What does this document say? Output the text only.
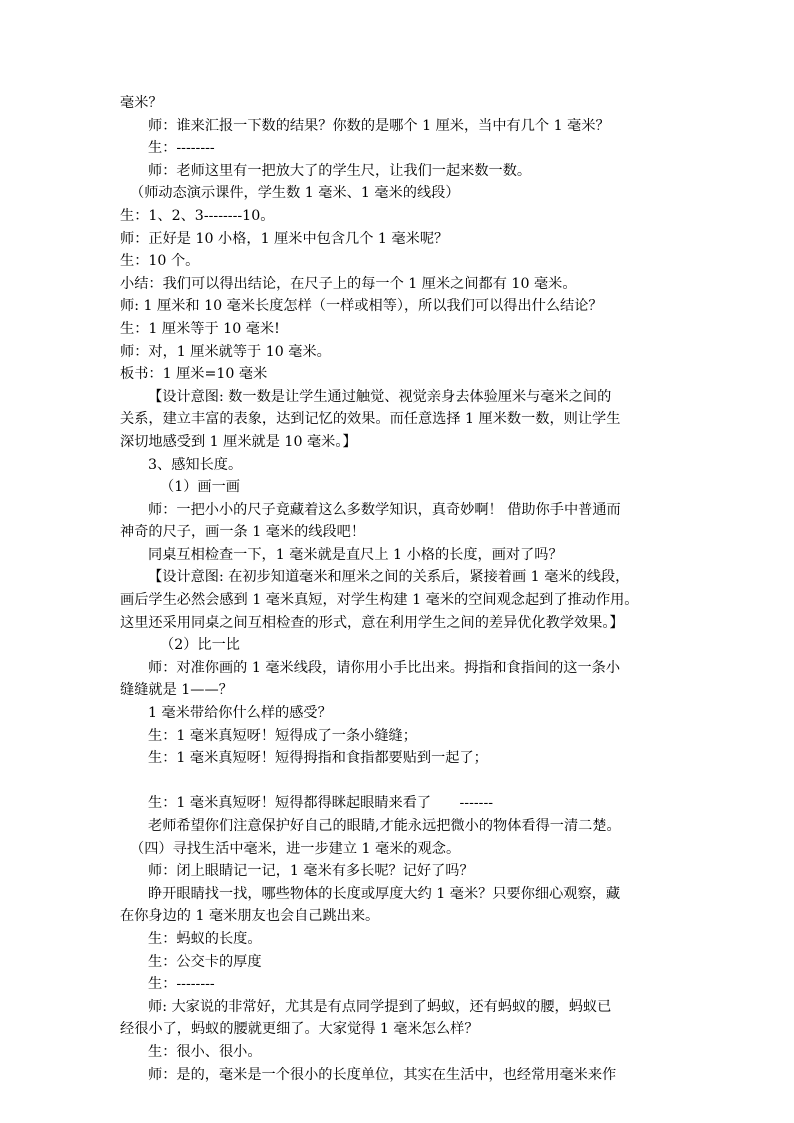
毫米？
师：谁来汇报一下数的结果？你数的是哪个 1 厘米，当中有几个 1 毫米？
生：--------
师：老师这里有一把放大了的学生尺，让我们一起来数一数。
（师动态演示课件，学生数 1 毫米、1 毫米的线段）
生：1、2、3--------10。
师：正好是 10 小格，1 厘米中包含几个 1 毫米呢？
生：10 个。
小结：我们可以得出结论，在尺子上的每一个 1 厘米之间都有 10 毫米。
师: 1 厘米和 10 毫米长度怎样（一样或相等），所以我们可以得出什么结论？
生：1 厘米等于 10 毫米!
师：对，1 厘米就等于 10 毫米。
板书：1 厘米=10 毫米
【设计意图: 数一数是让学生通过触觉、视觉亲身去体验厘米与毫米之间的
关系，建立丰富的表象，达到记忆的效果。而任意选择 1 厘米数一数，则让学生
深切地感受到 1 厘米就是 10 毫米。】
3、感知长度。
（1）画一画
师：一把小小的尺子竟藏着这么多数学知识，真奇妙啊！ 借助你手中普通而
神奇的尺子，画一条 1 毫米的线段吧！
同桌互相检查一下，1 毫米就是直尺上 1 小格的长度，画对了吗？
【设计意图: 在初步知道毫米和厘米之间的关系后，紧接着画 1 毫米的线段，
画后学生必然会感到 1 毫米真短，对学生构建 1 毫米的空间观念起到了推动作用。
这里还采用同桌之间互相检查的形式，意在利用学生之间的差异优化教学效果。】
（2）比一比
师：对准你画的 1 毫米线段，请你用小手比出来。拇指和食指间的这一条小
缝缝就是 1——？
1 毫米带给你什么样的感受？
生：1 毫米真短呀！短得成了一条小缝缝；
生：1 毫米真短呀！短得拇指和食指都要贴到一起了；
生：1 毫米真短呀！短得都得眯起眼睛来看了　　-------
老师希望你们注意保护好自己的眼睛,才能永远把微小的物体看得一清二楚。
（四）寻找生活中毫米，进一步建立 1 毫米的观念。
师：闭上眼睛记一记，1 毫米有多长呢？记好了吗？
睁开眼睛找一找，哪些物体的长度或厚度大约 1 毫米？只要你细心观察，藏
在你身边的 1 毫米朋友也会自己跳出来。
生：蚂蚁的长度。
生：公交卡的厚度
生：--------
师: 大家说的非常好，尤其是有点同学提到了蚂蚁，还有蚂蚁的腰，蚂蚁已
经很小了，蚂蚁的腰就更细了。大家觉得 1 毫米怎么样？
生：很小、很小。
师：是的，毫米是一个很小的长度单位，其实在生活中，也经常用毫米来作
